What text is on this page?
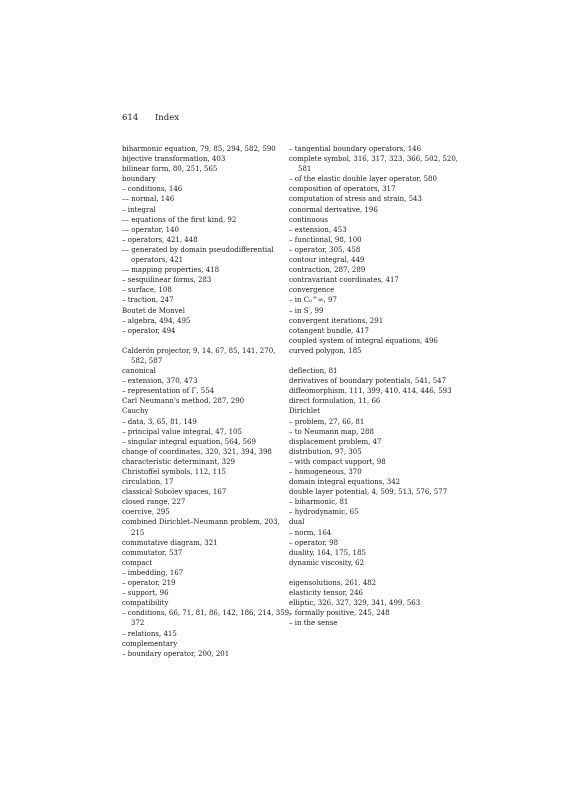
614 Index

biharmonic equation, 79, 85, 294, 582, 590

bijective transformation, 403

bilinear form, 80, 251, 565

boundary

– conditions, 146

–– normal, 146

– integral

–– equations of the first kind, 92

–– operator, 140

– operators, 421, 448

–– generated by domain pseudodifferential operators, 421

–– mapping properties, 418

– sesquilinear forms, 283

– surface, 108

– traction, 247

Boutet de Monvel

– algebra, 494, 495

– operator, 494

Calderón projector, 9, 14, 67, 85, 141, 270, 582, 587

canonical

– extension, 370, 473

– representation of Γ, 554

Carl Neumann's method, 287, 290

Cauchy

– data, 3, 65, 81, 149

– principal value integral, 47, 105

– singular integral equation, 564, 569

change of coordinates, 320, 321, 394, 398

characteristic determinant, 329

Christoffel symbols, 112, 115

circulation, 17

classical Sobolev spaces, 167

closed range, 227

coercive, 295

combined Dirichlet–Neumann problem, 203, 215

commutative diagram, 321

commutator, 537

compact

– imbedding, 167

– operator, 219

– support, 96

compatibility

– conditions, 66, 71, 81, 86, 142, 186, 214, 359, 372

– relations, 415

complementary

– boundary operator, 200, 201

– tangential boundary operators, 146

complete symbol, 316, 317, 323, 366, 502, 520, 581

– of the elastic double layer operator, 580

composition of operators, 317

computation of stress and strain, 543

conormal derivative, 196

continuous

– extension, 453

– functional, 98, 100

– operator, 305, 458

contour integral, 449

contraction, 287, 289

contravariant coordinates, 417

convergence

– in C₀^∞, 97

– in S′, 99

convergent iterations, 291

cotangent bundle, 417

coupled system of integral equations, 496

curved polygon, 185

deflection, 81

derivatives of boundary potentials, 541, 547

diffeomorphism, 111, 399, 410, 414, 446, 593

direct formulation, 11, 66

Dirichlet

– problem, 27, 66, 81

– to Neumann map, 288

displacement problem, 47

distribution, 97, 305

– with compact support, 98

– homogeneous, 370

domain integral equations, 342

double layer potential, 4, 509, 513, 576, 577

– biharmonic, 81

– hydrodynamic, 65

dual

– norm, 164

– operator, 98

duality, 164, 175, 185

dynamic viscosity, 62

eigensolutions, 261, 482

elasticity tensor, 246

elliptic, 326, 327, 329, 341, 499, 563

– formally positive, 245, 248

– in the sense
